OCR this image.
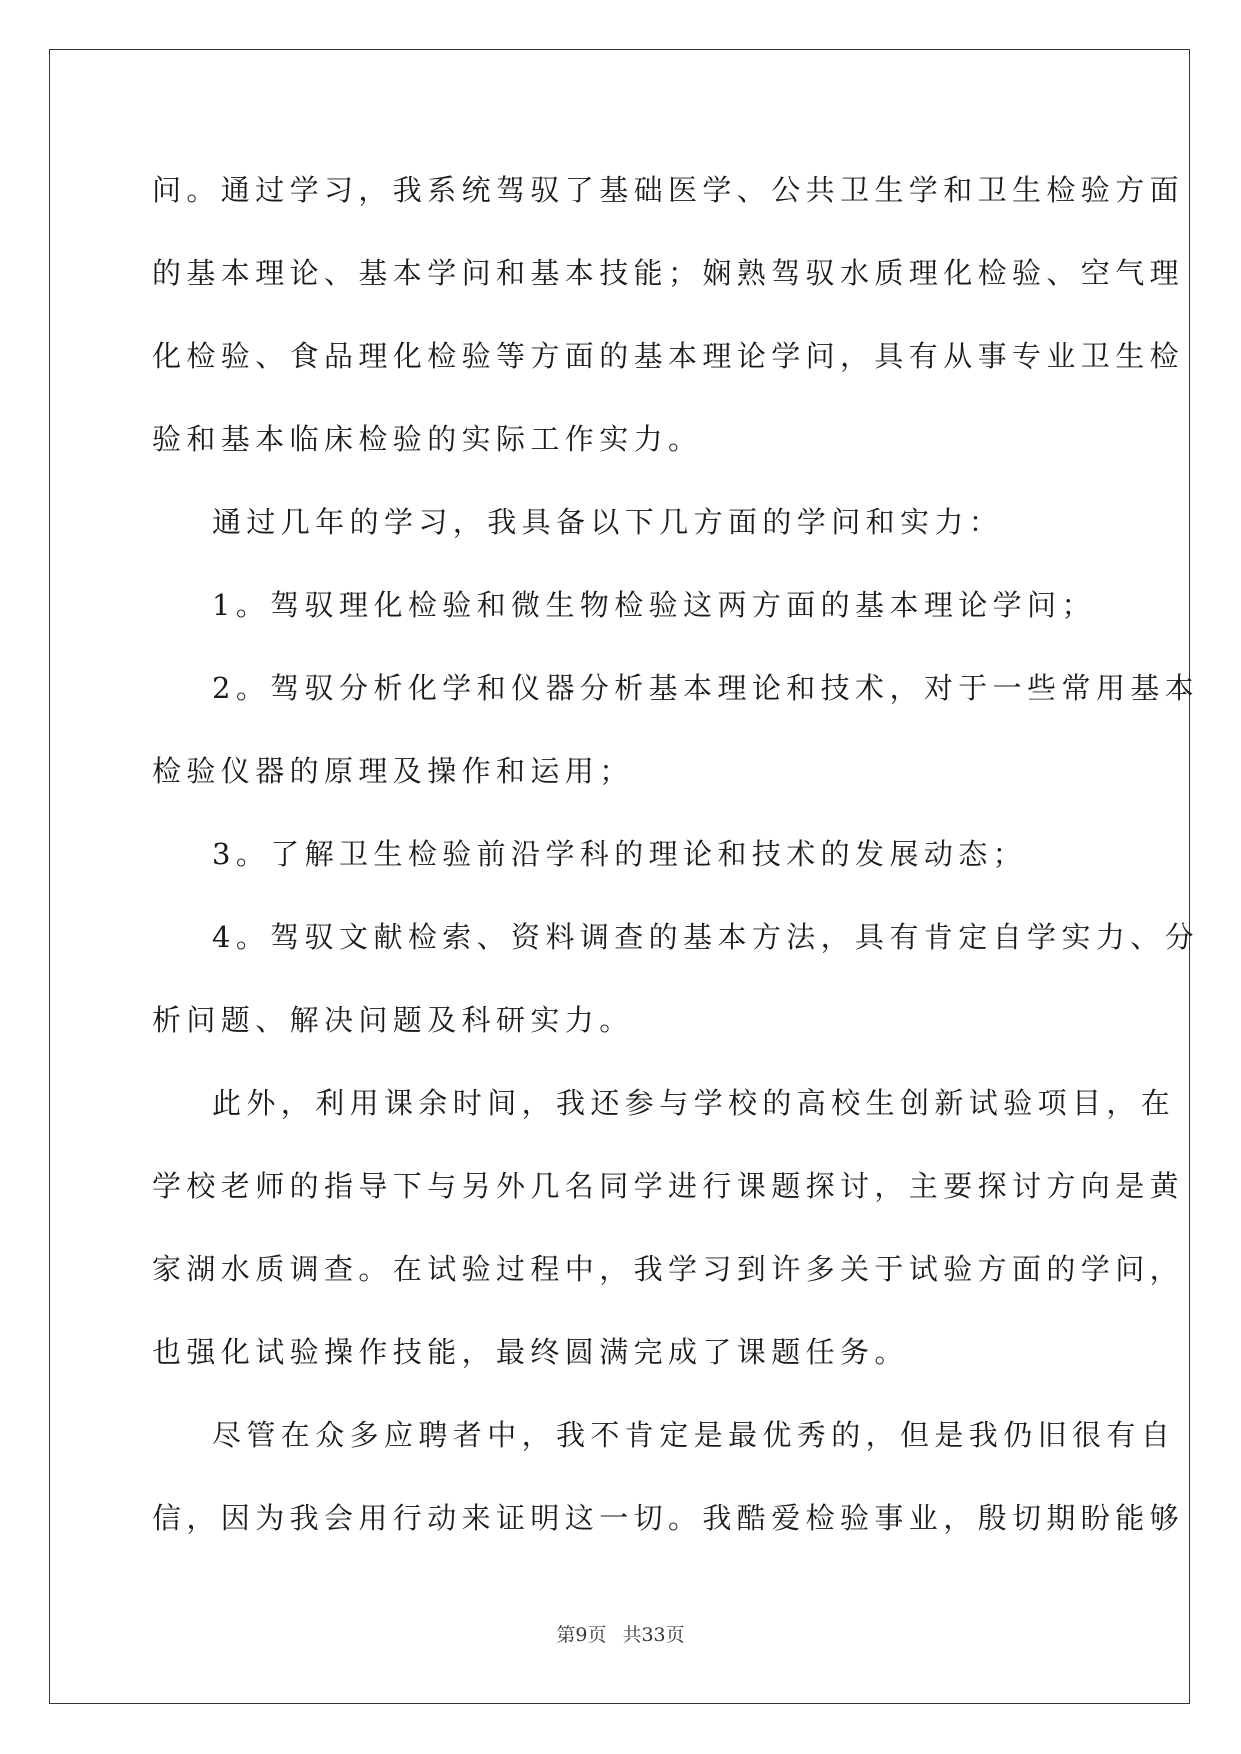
问。通过学习，我系统驾驭了基础医学、公共卫生学和卫生检验方面
的基本理论、基本学问和基本技能；娴熟驾驭水质理化检验、空气理
化检验、食品理化检验等方面的基本理论学问，具有从事专业卫生检
验和基本临床检验的实际工作实力。
通过几年的学习，我具备以下几方面的学问和实力：
1。驾驭理化检验和微生物检验这两方面的基本理论学问；
2。驾驭分析化学和仪器分析基本理论和技术，对于一些常用基本
检验仪器的原理及操作和运用；
3。了解卫生检验前沿学科的理论和技术的发展动态；
4。驾驭文献检索、资料调查的基本方法，具有肯定自学实力、分
析问题、解决问题及科研实力。
此外，利用课余时间，我还参与学校的高校生创新试验项目，在
学校老师的指导下与另外几名同学进行课题探讨，主要探讨方向是黄
家湖水质调查。在试验过程中，我学习到许多关于试验方面的学问，
也强化试验操作技能，最终圆满完成了课题任务。
尽管在众多应聘者中，我不肯定是最优秀的，但是我仍旧很有自
信，因为我会用行动来证明这一切。我酷爱检验事业，殷切期盼能够
第9页 共33页
